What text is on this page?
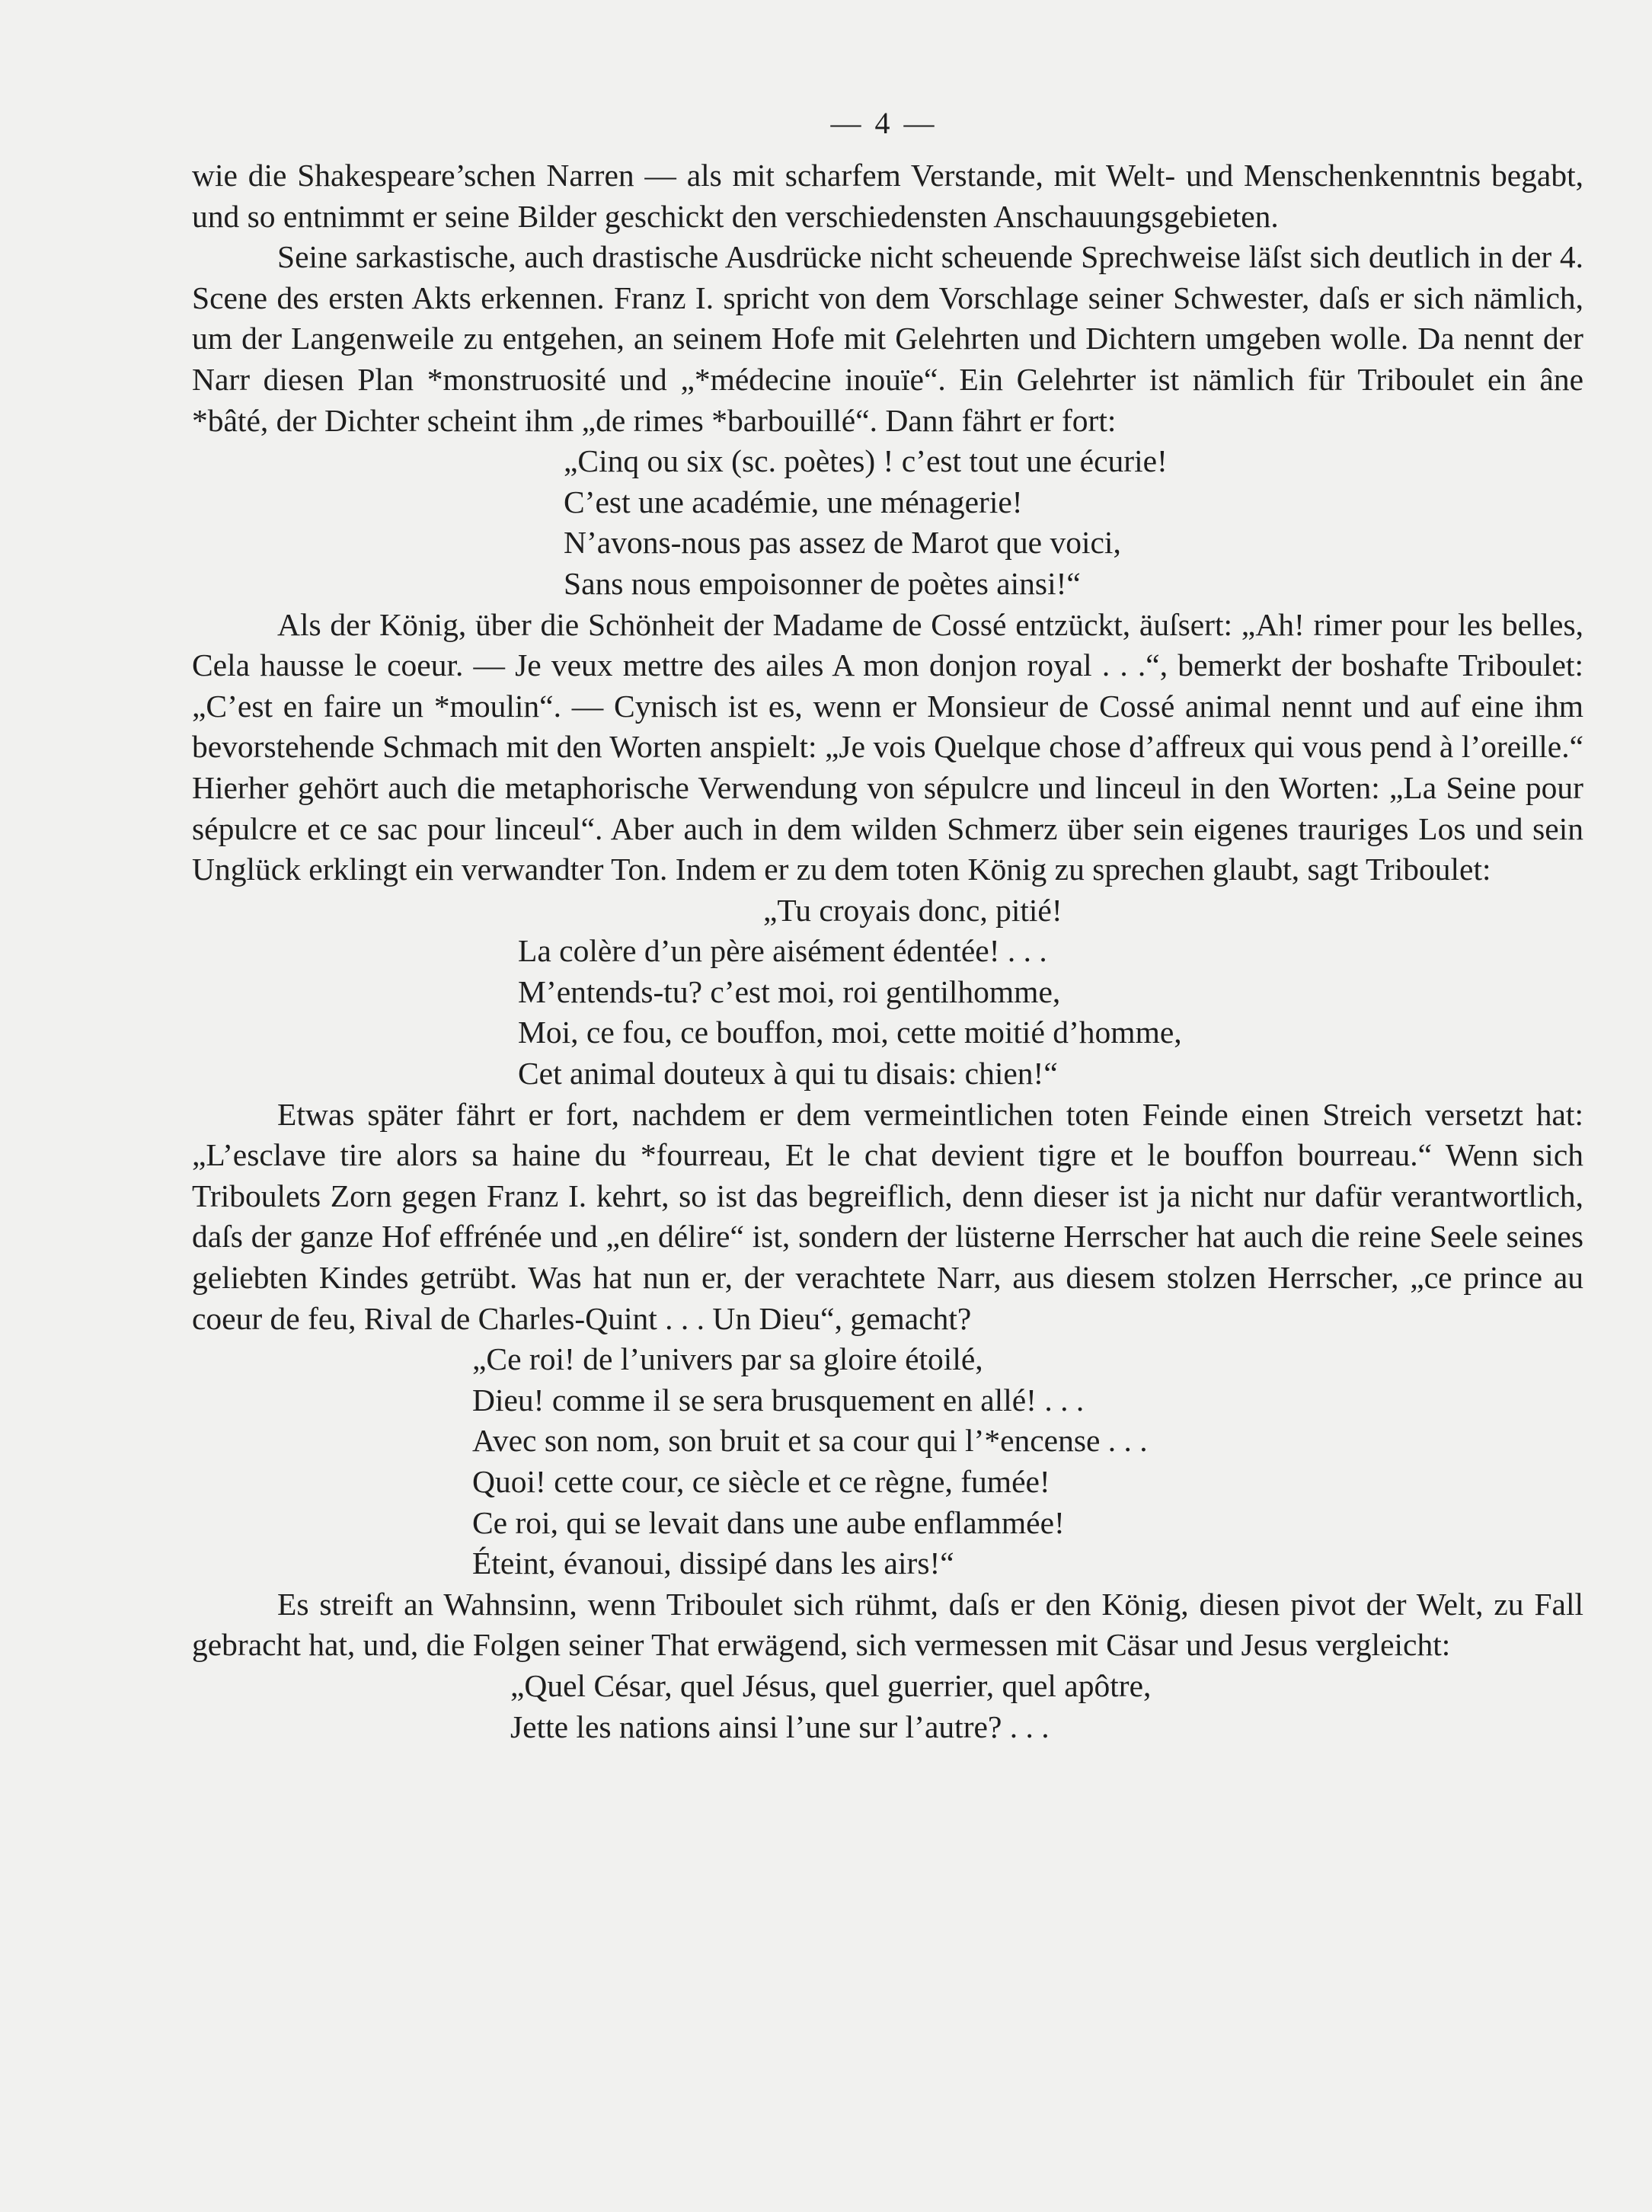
— 4 —

wie die Shakespeare’schen Narren — als mit scharfem Verstande, mit Welt- und Menschenkenntnis begabt, und so entnimmt er seine Bilder geschickt den verschiedensten Anschauungsgebieten.

Seine sarkastische, auch drastische Ausdrücke nicht scheuende Sprechweise läſst sich deutlich in der 4. Scene des ersten Akts erkennen. Franz I. spricht von dem Vorschlage seiner Schwester, daſs er sich nämlich, um der Langenweile zu entgehen, an seinem Hofe mit Gelehrten und Dichtern umgeben wolle. Da nennt der Narr diesen Plan *monstruosité und „*médecine inouïe“. Ein Gelehrter ist nämlich für Triboulet ein âne *bâté, der Dichter scheint ihm „de rimes *barbouillé“. Dann fährt er fort:

„Cinq ou six (sc. poètes) ! c’est tout une écurie!
C’est une académie, une ménagerie!
N’avons-nous pas assez de Marot que voici,
Sans nous empoisonner de poètes ainsi!“

Als der König, über die Schönheit der Madame de Cossé entzückt, äuſsert: „Ah! rimer pour les belles, Cela hausse le coeur. — Je veux mettre des ailes A mon donjon royal . . .“, bemerkt der boshafte Triboulet: „C’est en faire un *moulin“. — Cynisch ist es, wenn er Monsieur de Cossé animal nennt und auf eine ihm bevorstehende Schmach mit den Worten anspielt: „Je vois Quelque chose d’affreux qui vous pend à l’oreille.“ Hierher gehört auch die metaphorische Verwendung von sépulcre und linceul in den Worten: „La Seine pour sépulcre et ce sac pour linceul“. Aber auch in dem wilden Schmerz über sein eigenes trauriges Los und sein Unglück erklingt ein verwandter Ton. Indem er zu dem toten König zu sprechen glaubt, sagt Triboulet:

„Tu croyais donc, pitié!
La colère d’un père aisément édentée! . . .
M’entends-tu? c’est moi, roi gentilhomme,
Moi, ce fou, ce bouffon, moi, cette moitié d’homme,
Cet animal douteux à qui tu disais: chien!“

Etwas später fährt er fort, nachdem er dem vermeintlichen toten Feinde einen Streich versetzt hat: „L’esclave tire alors sa haine du *fourreau, Et le chat devient tigre et le bouffon bourreau.“ Wenn sich Triboulets Zorn gegen Franz I. kehrt, so ist das begreiflich, denn dieser ist ja nicht nur dafür verantwortlich, daſs der ganze Hof effrénée und „en délire“ ist, sondern der lüsterne Herrscher hat auch die reine Seele seines geliebten Kindes getrübt. Was hat nun er, der verachtete Narr, aus diesem stolzen Herrscher, „ce prince au coeur de feu, Rival de Charles-Quint . . . Un Dieu“, gemacht?

„Ce roi! de l’univers par sa gloire étoilé,
Dieu! comme il se sera brusquement en allé! . . .
Avec son nom, son bruit et sa cour qui l’*encense . . .
Quoi! cette cour, ce siècle et ce règne, fumée!
Ce roi, qui se levait dans une aube enflammée!
Éteint, évanoui, dissipé dans les airs!“

Es streift an Wahnsinn, wenn Triboulet sich rühmt, daſs er den König, diesen pivot der Welt, zu Fall gebracht hat, und, die Folgen seiner That erwägend, sich vermessen mit Cäsar und Jesus vergleicht:

„Quel César, quel Jésus, quel guerrier, quel apôtre,
Jette les nations ainsi l’une sur l’autre? . . .
